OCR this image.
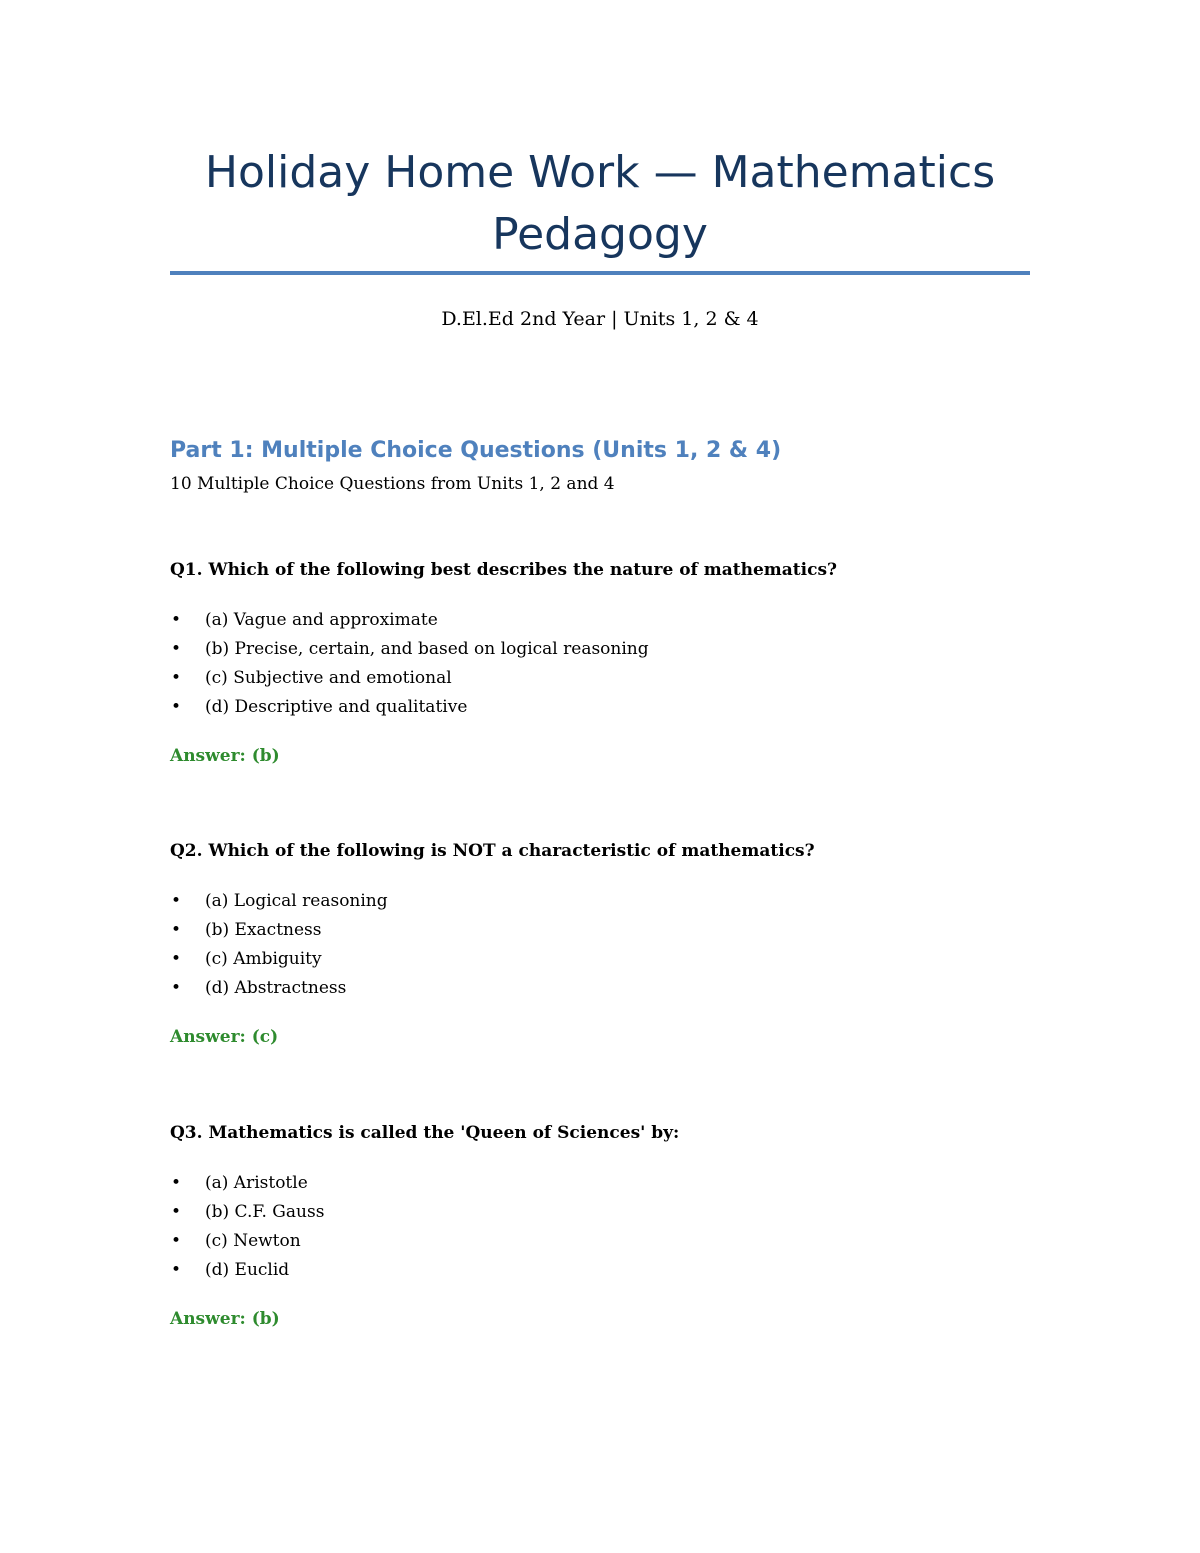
Holiday Home Work — Mathematics Pedagogy
D.El.Ed 2nd Year | Units 1, 2 & 4
Part 1: Multiple Choice Questions (Units 1, 2 & 4)
10 Multiple Choice Questions from Units 1, 2 and 4

Q1. Which of the following best describes the nature of mathematics?

• (a) Vague and approximate
• (b) Precise, certain, and based on logical reasoning
• (c) Subjective and emotional
• (d) Descriptive and qualitative

Answer: (b)

Q2. Which of the following is NOT a characteristic of mathematics?

• (a) Logical reasoning
• (b) Exactness
• (c) Ambiguity
• (d) Abstractness

Answer: (c)

Q3. Mathematics is called the 'Queen of Sciences' by:

• (a) Aristotle
• (b) C.F. Gauss
• (c) Newton
• (d) Euclid

Answer: (b)
